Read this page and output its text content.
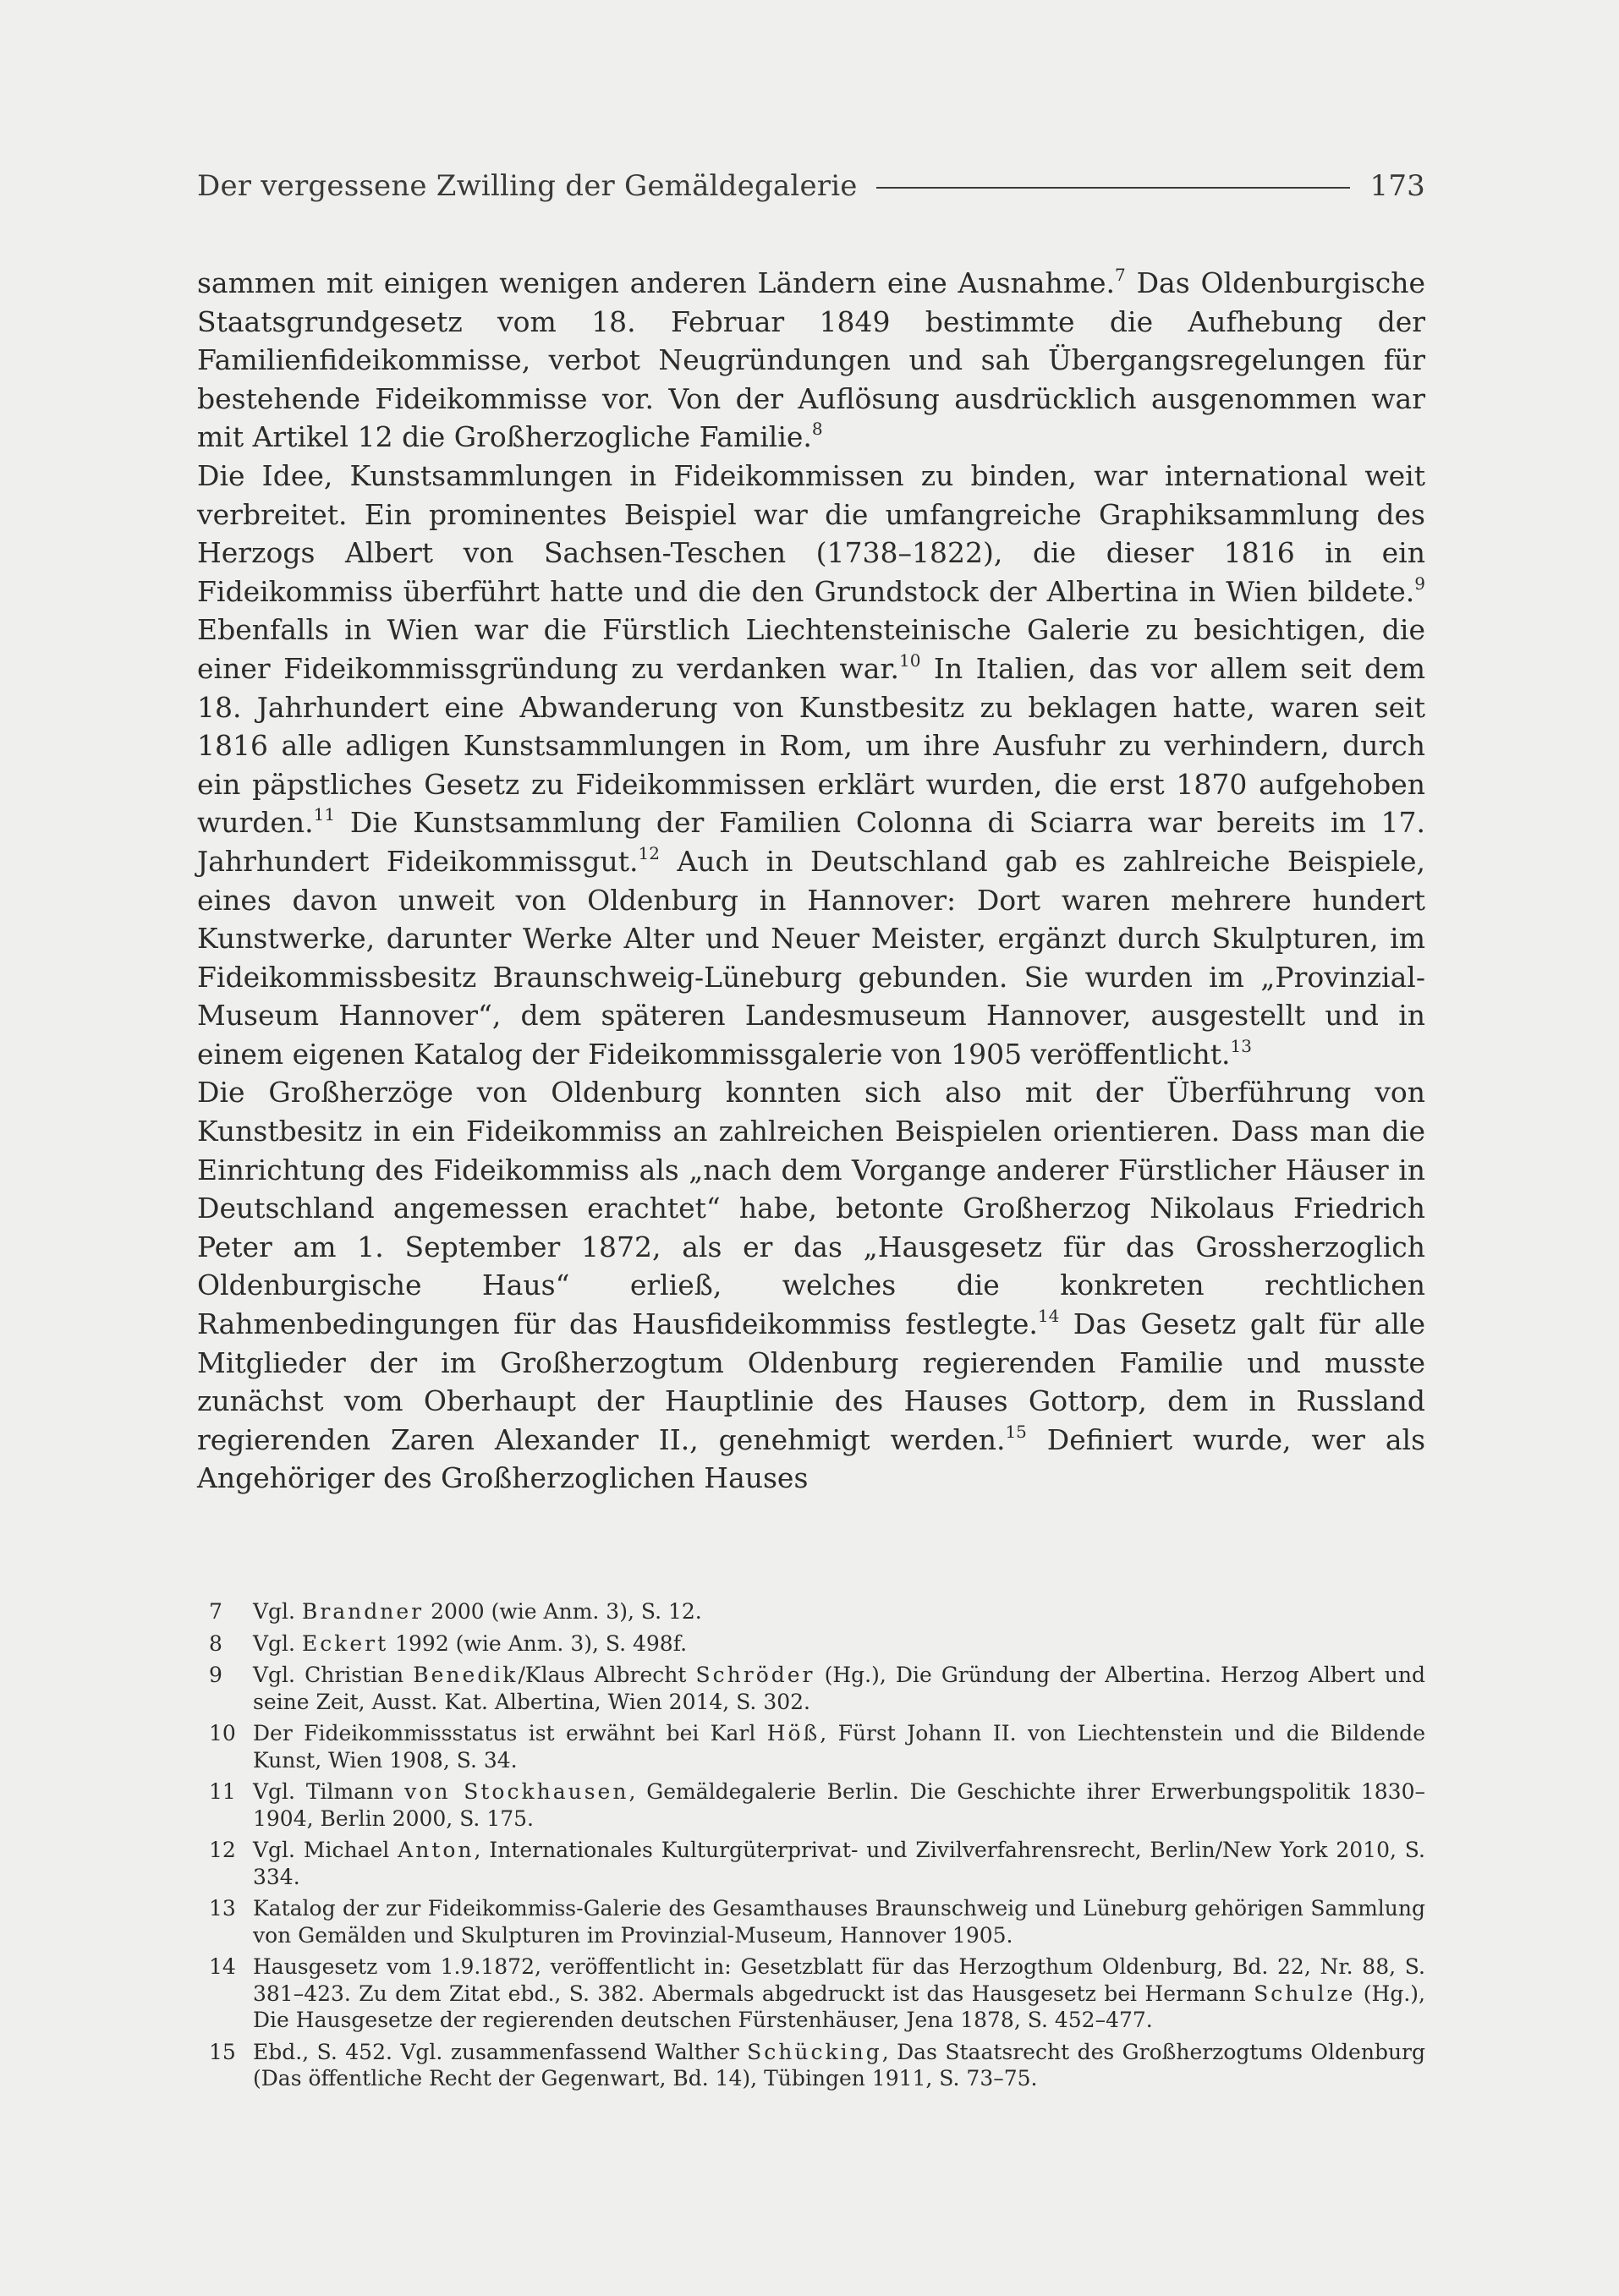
Der vergessene Zwilling der Gemäldegalerie	173

sammen mit einigen wenigen anderen Ländern eine Ausnahme.$^7$ Das Oldenburgische Staatsgrundgesetz vom 18. Februar 1849 bestimmte die Aufhebung der Familienfideikommisse, verbot Neugründungen und sah Übergangsregelungen für bestehende Fideikommisse vor. Von der Auflösung ausdrücklich ausgenommen war mit Artikel 12 die Großherzogliche Familie.$^8$

Die Idee, Kunstsammlungen in Fideikommissen zu binden, war international weit verbreitet. Ein prominentes Beispiel war die umfangreiche Graphiksammlung des Herzogs Albert von Sachsen-Teschen (1738–1822), die dieser 1816 in ein Fideikommiss überführt hatte und die den Grundstock der Albertina in Wien bildete.$^9$ Ebenfalls in Wien war die Fürstlich Liechtensteinische Galerie zu besichtigen, die einer Fideikommissgründung zu verdanken war.$^{10}$ In Italien, das vor allem seit dem 18. Jahrhundert eine Abwanderung von Kunstbesitz zu beklagen hatte, waren seit 1816 alle adligen Kunstsammlungen in Rom, um ihre Ausfuhr zu verhindern, durch ein päpstliches Gesetz zu Fideikommissen erklärt wurden, die erst 1870 aufgehoben wurden.$^{11}$ Die Kunstsammlung der Familien Colonna di Sciarra war bereits im 17. Jahrhundert Fideikommissgut.$^{12}$ Auch in Deutschland gab es zahlreiche Beispiele, eines davon unweit von Oldenburg in Hannover: Dort waren mehrere hundert Kunstwerke, darunter Werke Alter und Neuer Meister, ergänzt durch Skulpturen, im Fideikommissbesitz Braunschweig-Lüneburg gebunden. Sie wurden im „Provinzial-Museum Hannover“, dem späteren Landesmuseum Hannover, ausgestellt und in einem eigenen Katalog der Fideikommissgalerie von 1905 veröffentlicht.$^{13}$

Die Großherzöge von Oldenburg konnten sich also mit der Überführung von Kunstbesitz in ein Fideikommiss an zahlreichen Beispielen orientieren. Dass man die Einrichtung des Fideikommiss als „nach dem Vorgange anderer Fürstlicher Häuser in Deutschland angemessen erachtet“ habe, betonte Großherzog Nikolaus Friedrich Peter am 1. September 1872, als er das „Hausgesetz für das Grossherzoglich Oldenburgische Haus“ erließ, welches die konkreten rechtlichen Rahmenbedingungen für das Hausfideikommiss festlegte.$^{14}$ Das Gesetz galt für alle Mitglieder der im Großherzogtum Oldenburg regierenden Familie und musste zunächst vom Oberhaupt der Hauptlinie des Hauses Gottorp, dem in Russland regierenden Zaren Alexander II., genehmigt werden.$^{15}$ Definiert wurde, wer als Angehöriger des Großherzoglichen Hauses

7	Vgl. Brandner 2000 (wie Anm. 3), S. 12.
8	Vgl. Eckert 1992 (wie Anm. 3), S. 498f.
9	Vgl. Christian Benedik/Klaus Albrecht Schröder (Hg.), Die Gründung der Albertina. Herzog Albert und seine Zeit, Ausst. Kat. Albertina, Wien 2014, S. 302.
10 Der Fideikommissstatus ist erwähnt bei Karl Höß, Fürst Johann II. von Liechtenstein und die Bildende Kunst, Wien 1908, S. 34.
11 Vgl. Tilmann von Stockhausen, Gemäldegalerie Berlin. Die Geschichte ihrer Erwerbungspolitik 1830–1904, Berlin 2000, S. 175.
12 Vgl. Michael Anton, Internationales Kulturgüterprivat- und Zivilverfahrensrecht, Berlin/New York 2010, S. 334.
13 Katalog der zur Fideikommiss-Galerie des Gesamthauses Braunschweig und Lüneburg gehörigen Sammlung von Gemälden und Skulpturen im Provinzial-Museum, Hannover 1905.
14 Hausgesetz vom 1.9.1872, veröffentlicht in: Gesetzblatt für das Herzogthum Oldenburg, Bd. 22, Nr. 88, S. 381–423. Zu dem Zitat ebd., S. 382. Abermals abgedruckt ist das Hausgesetz bei Hermann Schulze (Hg.), Die Hausgesetze der regierenden deutschen Fürstenhäuser, Jena 1878, S. 452–477.
15 Ebd., S. 452. Vgl. zusammenfassend Walther Schücking, Das Staatsrecht des Großherzogtums Oldenburg (Das öffentliche Recht der Gegenwart, Bd. 14), Tübingen 1911, S. 73–75.
